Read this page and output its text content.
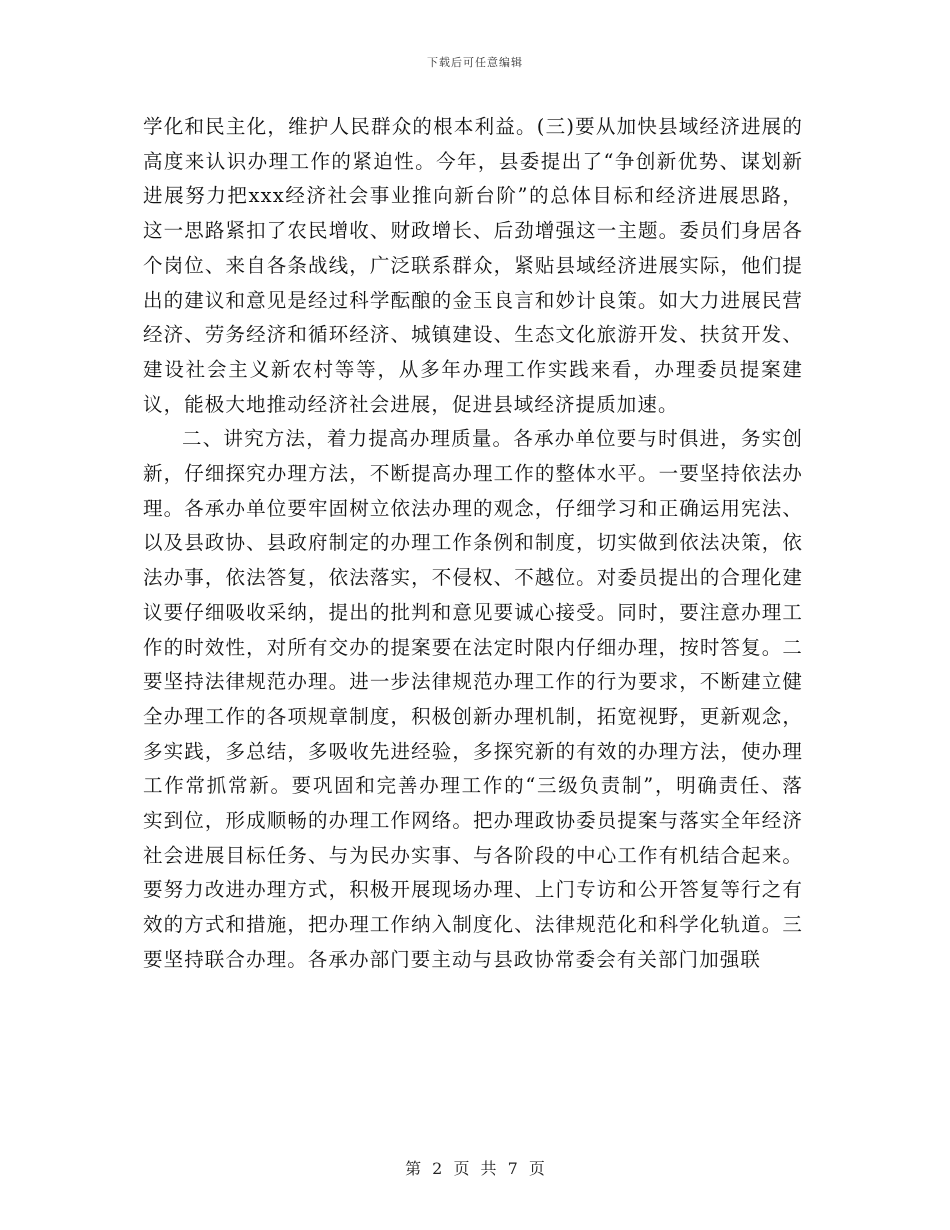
下载后可任意编辑

学化和民主化，维护人民群众的根本利益。(三)要从加快县域经济进展的高度来认识办理工作的紧迫性。今年，县委提出了“争创新优势、谋划新进展努力把xxx经济社会事业推向新台阶”的总体目标和经济进展思路，这一思路紧扣了农民增收、财政增长、后劲增强这一主题。委员们身居各个岗位、来自各条战线，广泛联系群众，紧贴县域经济进展实际，他们提出的建议和意见是经过科学酝酿的金玉良言和妙计良策。如大力进展民营经济、劳务经济和循环经济、城镇建设、生态文化旅游开发、扶贫开发、建设社会主义新农村等等，从多年办理工作实践来看，办理委员提案建议，能极大地推动经济社会进展，促进县域经济提质加速。

二、讲究方法，着力提高办理质量。各承办单位要与时俱进，务实创新，仔细探究办理方法，不断提高办理工作的整体水平。一要坚持依法办理。各承办单位要牢固树立依法办理的观念，仔细学习和正确运用宪法、以及县政协、县政府制定的办理工作条例和制度，切实做到依法决策，依法办事，依法答复，依法落实，不侵权、不越位。对委员提出的合理化建议要仔细吸收采纳，提出的批判和意见要诚心接受。同时，要注意办理工作的时效性，对所有交办的提案要在法定时限内仔细办理，按时答复。二要坚持法律规范办理。进一步法律规范办理工作的行为要求，不断建立健全办理工作的各项规章制度，积极创新办理机制，拓宽视野，更新观念，多实践，多总结，多吸收先进经验，多探究新的有效的办理方法，使办理工作常抓常新。要巩固和完善办理工作的“三级负责制”，明确责任、落实到位，形成顺畅的办理工作网络。把办理政协委员提案与落实全年经济社会进展目标任务、与为民办实事、与各阶段的中心工作有机结合起来。要努力改进办理方式，积极开展现场办理、上门专访和公开答复等行之有效的方式和措施，把办理工作纳入制度化、法律规范化和科学化轨道。三要坚持联合办理。各承办部门要主动与县政协常委会有关部门加强联

第 2 页 共 7 页
